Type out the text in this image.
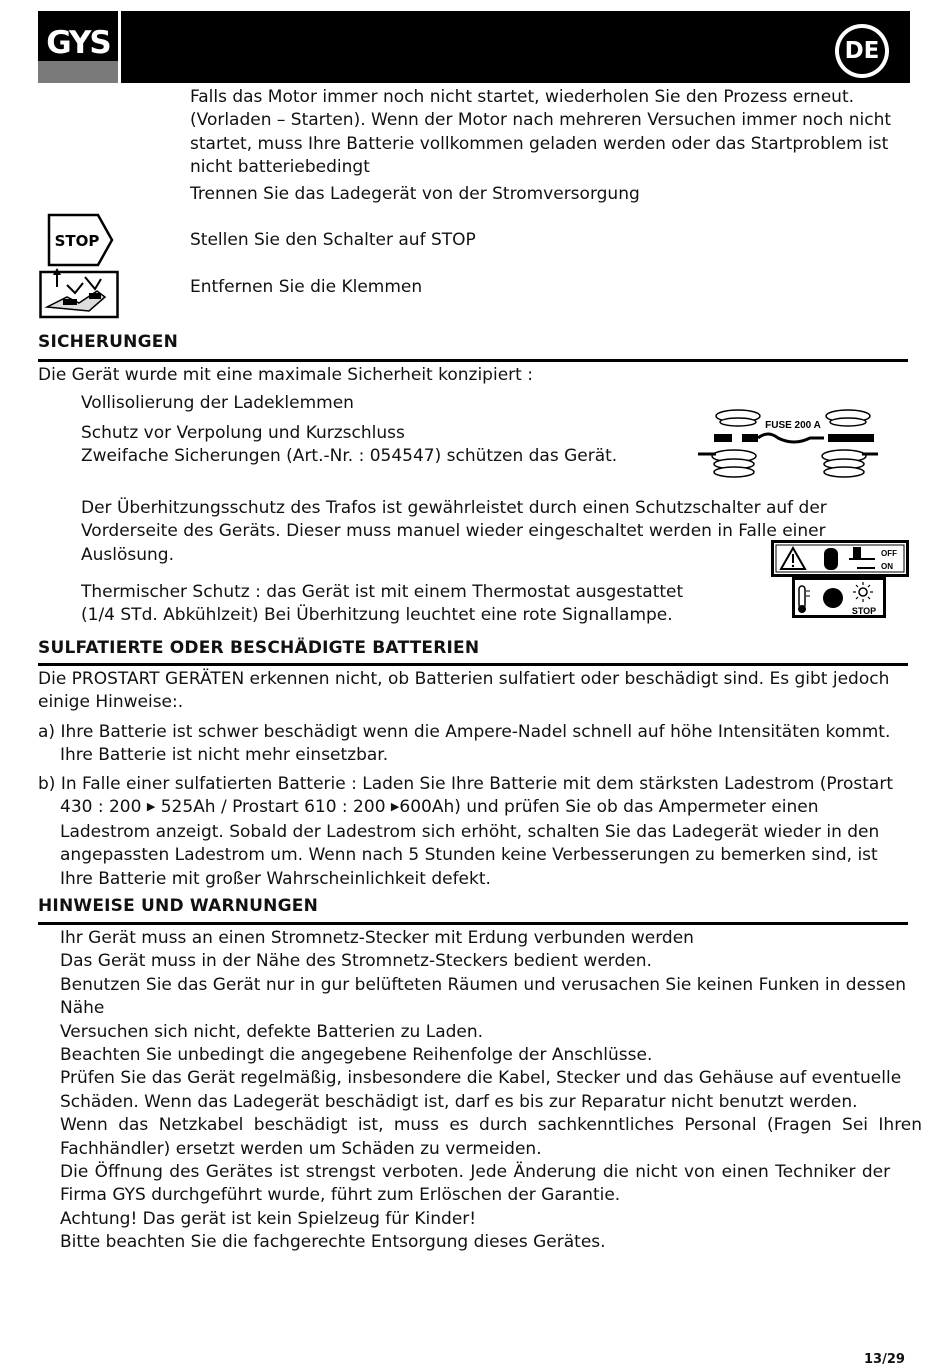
GYS	DE
Falls das Motor immer noch nicht startet, wiederholen Sie den Prozess erneut.
(Vorladen – Starten). Wenn der Motor nach mehreren Versuchen immer noch nicht
startet, muss Ihre Batterie vollkommen geladen werden oder das Startproblem ist
nicht batteriebedingt
Trennen Sie das Ladegerät von der Stromversorgung
STOP	Stellen Sie den Schalter auf STOP
Entfernen Sie die Klemmen
SICHERUNGEN
Die Gerät wurde mit eine maximale Sicherheit konzipiert :
Vollisolierung der Ladeklemmen
Schutz vor Verpolung und Kurzschluss
Zweifache Sicherungen (Art.-Nr. : 054547) schützen das Gerät.
FUSE 200 A
Der Überhitzungsschutz des Trafos ist gewährleistet durch einen Schutzschalter auf der
Vorderseite des Geräts. Dieser muss manuel wieder eingeschaltet werden in Falle einer
Auslösung.	OFF
ON
Thermischer Schutz : das Gerät ist mit einem Thermostat ausgestattet
(1/4 STd. Abkühlzeit) Bei Überhitzung leuchtet eine rote Signallampe.	STOP
SULFATIERTE ODER BESCHÄDIGTE BATTERIEN
Die PROSTART GERÄTEN erkennen nicht, ob Batterien sulfatiert oder beschädigt sind. Es gibt jedoch
einige Hinweise:.
a) Ihre Batterie ist schwer beschädigt wenn die Ampere-Nadel schnell auf höhe Intensitäten kommt.
Ihre Batterie ist nicht mehr einsetzbar.
b) In Falle einer sulfatierten Batterie : Laden Sie Ihre Batterie mit dem stärksten Ladestrom (Prostart
430 : 200 ▶ 525Ah / Prostart 610 : 200 ▶600Ah) und prüfen Sie ob das Ampermeter einen
Ladestrom anzeigt. Sobald der Ladestrom sich erhöht, schalten Sie das Ladegerät wieder in den
angepassten Ladestrom um. Wenn nach 5 Stunden keine Verbesserungen zu bemerken sind, ist
Ihre Batterie mit großer Wahrscheinlichkeit defekt.
HINWEISE UND WARNUNGEN
Ihr Gerät muss an einen Stromnetz-Stecker mit Erdung verbunden werden
Das Gerät muss in der Nähe des Stromnetz-Steckers bedient werden.
Benutzen Sie das Gerät nur in gur belüfteten Räumen und verusachen Sie keinen Funken in dessen
Nähe
Versuchen sich nicht, defekte Batterien zu Laden.
Beachten Sie unbedingt die angegebene Reihenfolge der Anschlüsse.
Prüfen Sie das Gerät regelmäßig, insbesondere die Kabel, Stecker und das Gehäuse auf eventuelle
Schäden. Wenn das Ladegerät beschädigt ist, darf es bis zur Reparatur nicht benutzt werden.
Wenn das Netzkabel beschädigt ist, muss es durch sachkenntliches Personal (Fragen Sei Ihren
Fachhändler) ersetzt werden um Schäden zu vermeiden.
Die Öffnung des Gerätes ist strengst verboten. Jede Änderung die nicht von einen Techniker der
Firma GYS durchgeführt wurde, führt zum Erlöschen der Garantie.
Achtung! Das gerät ist kein Spielzeug für Kinder!
Bitte beachten Sie die fachgerechte Entsorgung dieses Gerätes.
13/29
